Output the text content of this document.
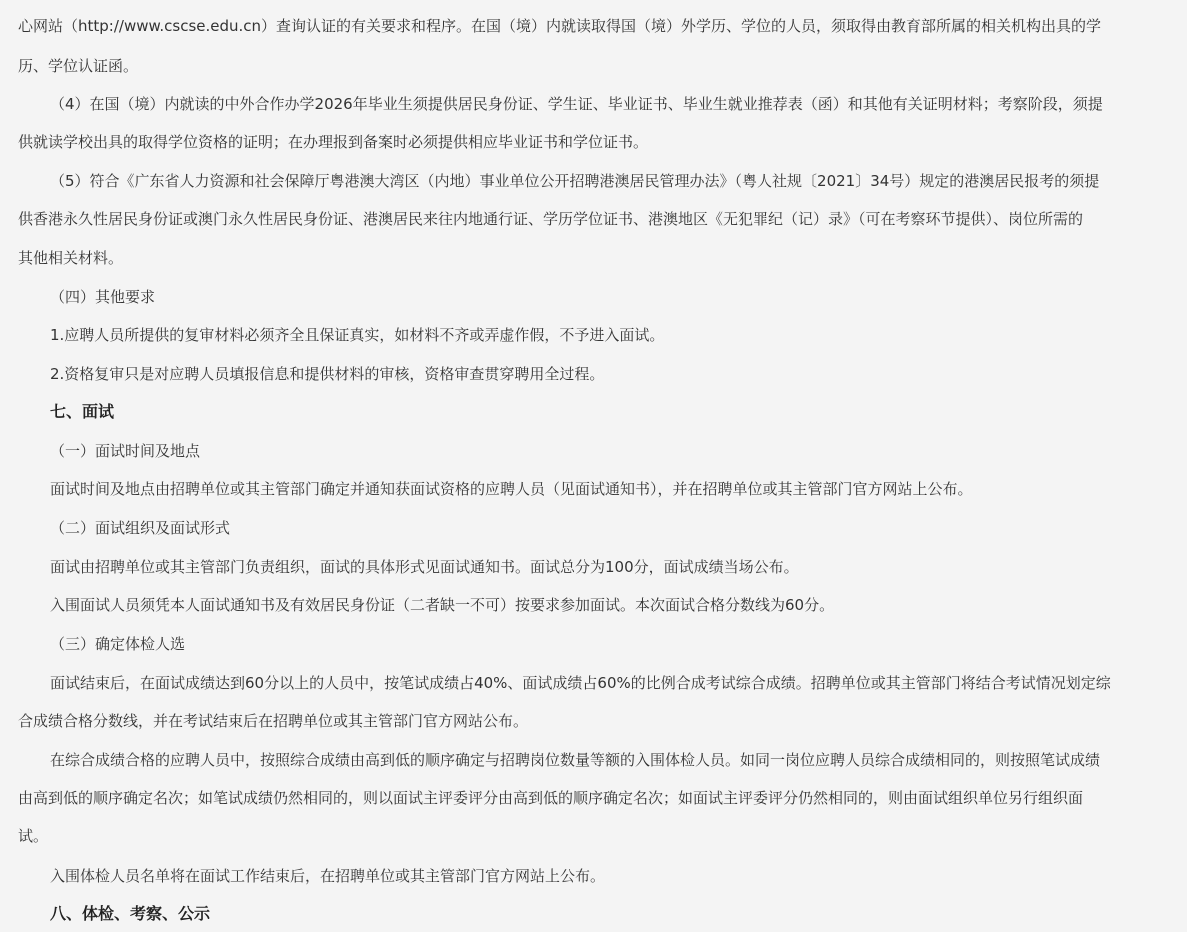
心网站（http://www.cscse.edu.cn）查询认证的有关要求和程序。在国（境）内就读取得国（境）外学历、学位的人员，须取得由教育部所属的相关机构出具的学
历、学位认证函。
（4）在国（境）内就读的中外合作办学2026年毕业生须提供居民身份证、学生证、毕业证书、毕业生就业推荐表（函）和其他有关证明材料；考察阶段，须提
供就读学校出具的取得学位资格的证明；在办理报到备案时必须提供相应毕业证书和学位证书。
（5）符合《广东省人力资源和社会保障厅粤港澳大湾区（内地）事业单位公开招聘港澳居民管理办法》（粤人社规〔2021〕34号）规定的港澳居民报考的须提
供香港永久性居民身份证或澳门永久性居民身份证、港澳居民来往内地通行证、学历学位证书、港澳地区《无犯罪纪（记）录》（可在考察环节提供）、岗位所需的
其他相关材料。
（四）其他要求
1.应聘人员所提供的复审材料必须齐全且保证真实，如材料不齐或弄虚作假，不予进入面试。
2.资格复审只是对应聘人员填报信息和提供材料的审核，资格审查贯穿聘用全过程。
七、面试
（一）面试时间及地点
面试时间及地点由招聘单位或其主管部门确定并通知获面试资格的应聘人员（见面试通知书），并在招聘单位或其主管部门官方网站上公布。
（二）面试组织及面试形式
面试由招聘单位或其主管部门负责组织，面试的具体形式见面试通知书。面试总分为100分，面试成绩当场公布。
入围面试人员须凭本人面试通知书及有效居民身份证（二者缺一不可）按要求参加面试。本次面试合格分数线为60分。
（三）确定体检人选
面试结束后，在面试成绩达到60分以上的人员中，按笔试成绩占40%、面试成绩占60%的比例合成考试综合成绩。招聘单位或其主管部门将结合考试情况划定综
合成绩合格分数线，并在考试结束后在招聘单位或其主管部门官方网站公布。
在综合成绩合格的应聘人员中，按照综合成绩由高到低的顺序确定与招聘岗位数量等额的入围体检人员。如同一岗位应聘人员综合成绩相同的，则按照笔试成绩
由高到低的顺序确定名次；如笔试成绩仍然相同的，则以面试主评委评分由高到低的顺序确定名次；如面试主评委评分仍然相同的，则由面试组织单位另行组织面
试。
入围体检人员名单将在面试工作结束后，在招聘单位或其主管部门官方网站上公布。
八、体检、考察、公示
